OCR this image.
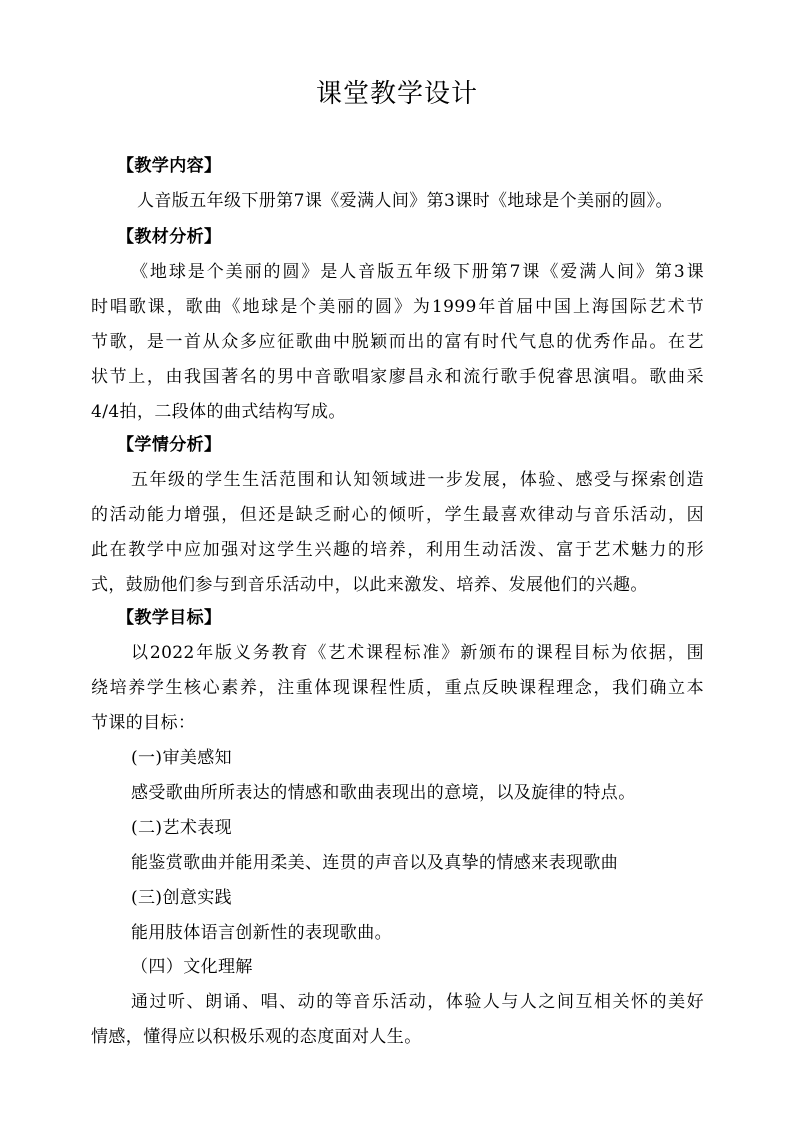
课堂教学设计
【教学内容】
人音版五年级下册第7课《爱满人间》第3课时《地球是个美丽的圆》。
【教材分析】
《地球是个美丽的圆》是人音版五年级下册第7课《爱满人间》第3课
时唱歌课，歌曲《地球是个美丽的圆》为1999年首届中国上海国际艺术节
节歌，是一首从众多应征歌曲中脱颖而出的富有时代气息的优秀作品。在艺
状节上，由我国著名的男中音歌唱家廖昌永和流行歌手倪睿思演唱。歌曲采
4/4拍，二段体的曲式结构写成。
【学情分析】
五年级的学生生活范围和认知领域进一步发展，体验、感受与探索创造
的活动能力增强，但还是缺乏耐心的倾听，学生最喜欢律动与音乐活动，因
此在教学中应加强对这学生兴趣的培养，利用生动活泼、富于艺术魅力的形
式，鼓励他们参与到音乐活动中，以此来激发、培养、发展他们的兴趣。
【教学目标】
以2022年版义务教育《艺术课程标准》新颁布的课程目标为依据，围
绕培养学生核心素养，注重体现课程性质，重点反映课程理念，我们确立本
节课的目标：
(一)审美感知
感受歌曲所所表达的情感和歌曲表现出的意境，以及旋律的特点。
(二)艺术表现
能鉴赏歌曲并能用柔美、连贯的声音以及真挚的情感来表现歌曲
(三)创意实践
能用肢体语言创新性的表现歌曲。
（四）文化理解
通过听、朗诵、唱、动的等音乐活动，体验人与人之间互相关怀的美好
情感，懂得应以积极乐观的态度面对人生。
